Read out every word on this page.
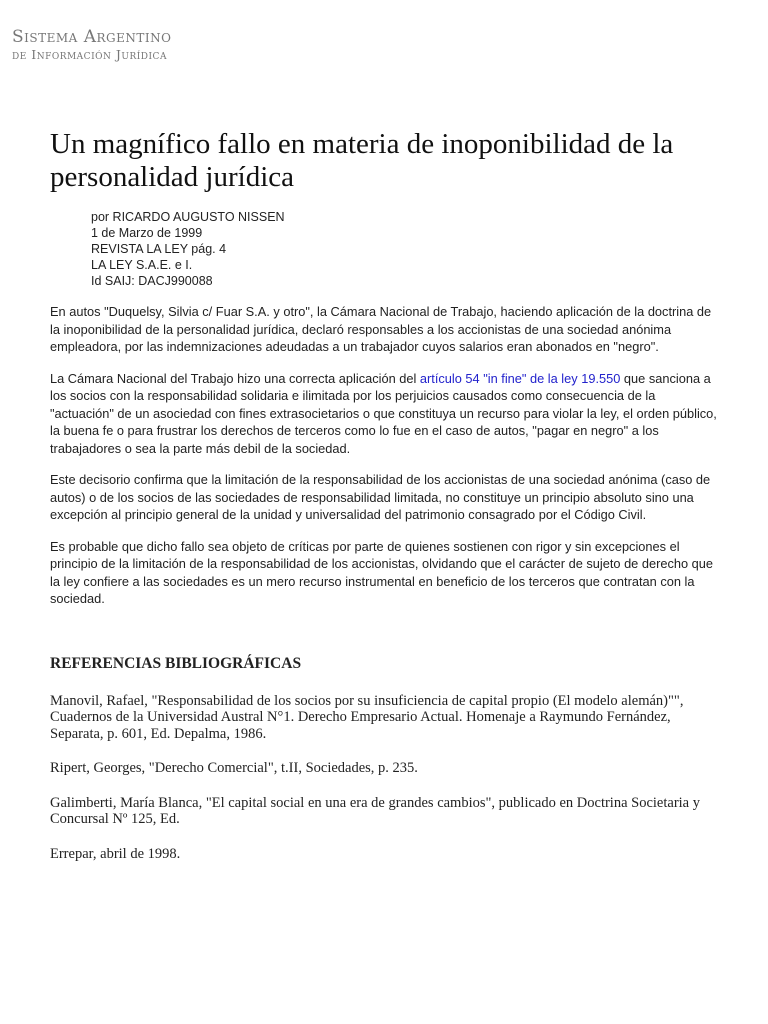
Sistema Argentino
de Información Jurídica
Un magnífico fallo en materia de inoponibilidad de la personalidad jurídica
por RICARDO AUGUSTO NISSEN
1 de Marzo de 1999
REVISTA LA LEY pág. 4
LA LEY S.A.E. e I.
Id SAIJ: DACJ990088

En autos "Duquelsy, Silvia c/ Fuar S.A. y otro", la Cámara Nacional de Trabajo, haciendo aplicación de la doctrina de la inoponibilidad de la personalidad jurídica, declaró responsables a los accionistas de una sociedad anónima empleadora, por las indemnizaciones adeudadas a un trabajador cuyos salarios eran abonados en "negro".

La Cámara Nacional del Trabajo hizo una correcta aplicación del artículo 54 "in fine" de la ley 19.550 que sanciona a los socios con la responsabilidad solidaria e ilimitada por los perjuicios causados como consecuencia de la "actuación" de un asociedad con fines extrasocietarios o que constituya un recurso para violar la ley, el orden público, la buena fe o para frustrar los derechos de terceros como lo fue en el caso de autos, "pagar en negro" a los trabajadores o sea la parte más debil de la sociedad.

Este decisorio confirma que la limitación de la responsabilidad de los accionistas de una sociedad anónima (caso de autos) o de los socios de las sociedades de responsabilidad limitada, no constituye un principio absoluto sino una excepción al principio general de la unidad y universalidad del patrimonio consagrado por el Código Civil.

Es probable que dicho fallo sea objeto de críticas por parte de quienes sostienen con rigor y sin excepciones el principio de la limitación de la responsabilidad de los accionistas, olvidando que el carácter de sujeto de derecho que la ley confiere a las sociedades es un mero recurso instrumental en beneficio de los terceros que contratan con la sociedad.

REFERENCIAS BIBLIOGRÁFICAS

Manovil, Rafael, "Responsabilidad de los socios por su insuficiencia de capital propio (El modelo alemán)"", Cuadernos de la Universidad Austral N°1. Derecho Empresario Actual. Homenaje a Raymundo Fernández, Separata, p. 601, Ed. Depalma, 1986.

Ripert, Georges, "Derecho Comercial", t.II, Sociedades, p. 235.

Galimberti, María Blanca, "El capital social en una era de grandes cambios", publicado en Doctrina Societaria y Concursal Nº 125, Ed.

Errepar, abril de 1998.
